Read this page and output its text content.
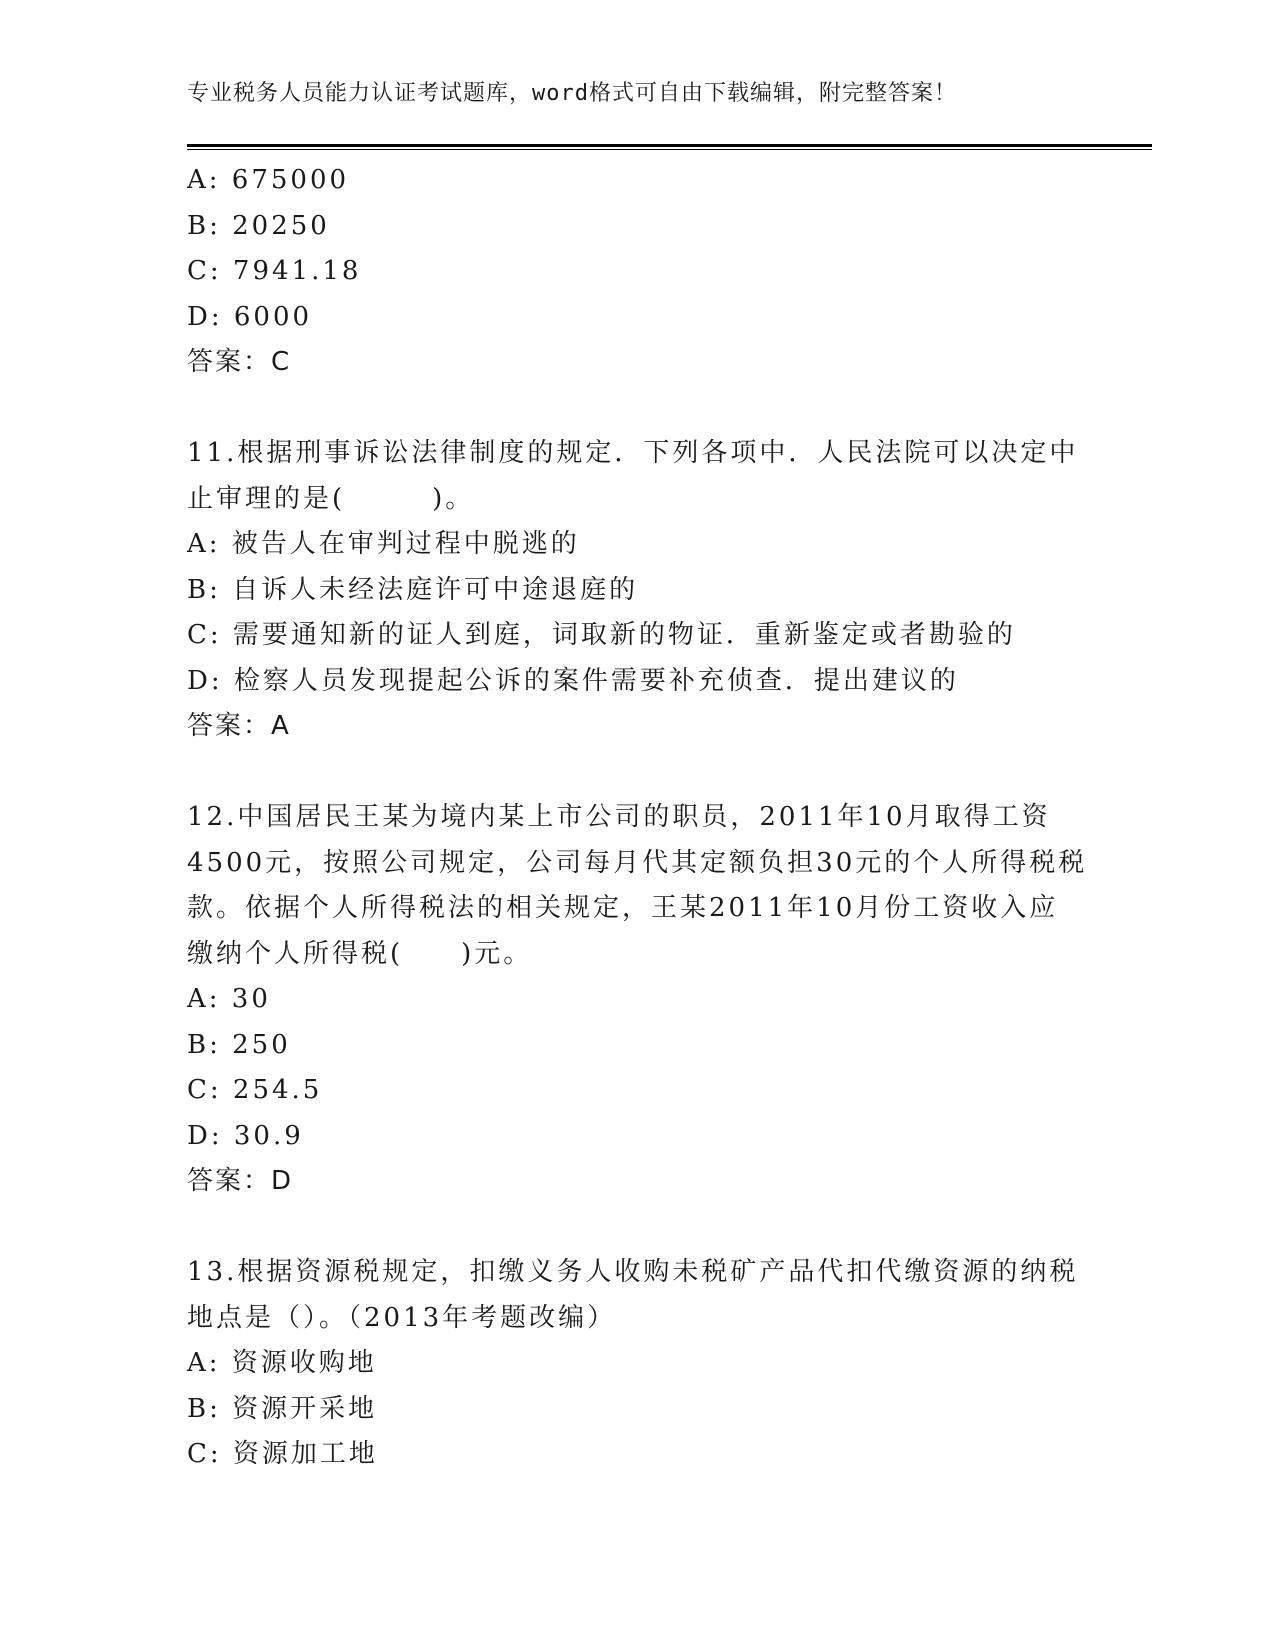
专业税务人员能力认证考试题库，word格式可自由下载编辑，附完整答案！
A: 675000
B: 20250
C: 7941.18
D: 6000
答案：C
11.根据刑事诉讼法律制度的规定．下列各项中．人民法院可以决定中
止审理的是(　　　)。
A: 被告人在审判过程中脱逃的
B: 自诉人未经法庭许可中途退庭的
C: 需要通知新的证人到庭，词取新的物证．重新鉴定或者勘验的
D: 检察人员发现提起公诉的案件需要补充侦查．提出建议的
答案：A
12.中国居民王某为境内某上市公司的职员，2011年10月取得工资
4500元，按照公司规定，公司每月代其定额负担30元的个人所得税税
款。依据个人所得税法的相关规定，王某2011年10月份工资收入应
缴纳个人所得税(　　)元。
A: 30
B: 250
C: 254.5
D: 30.9
答案：D
13.根据资源税规定，扣缴义务人收购未税矿产品代扣代缴资源的纳税
地点是（）。（2013年考题改编）
A: 资源收购地
B: 资源开采地
C: 资源加工地
